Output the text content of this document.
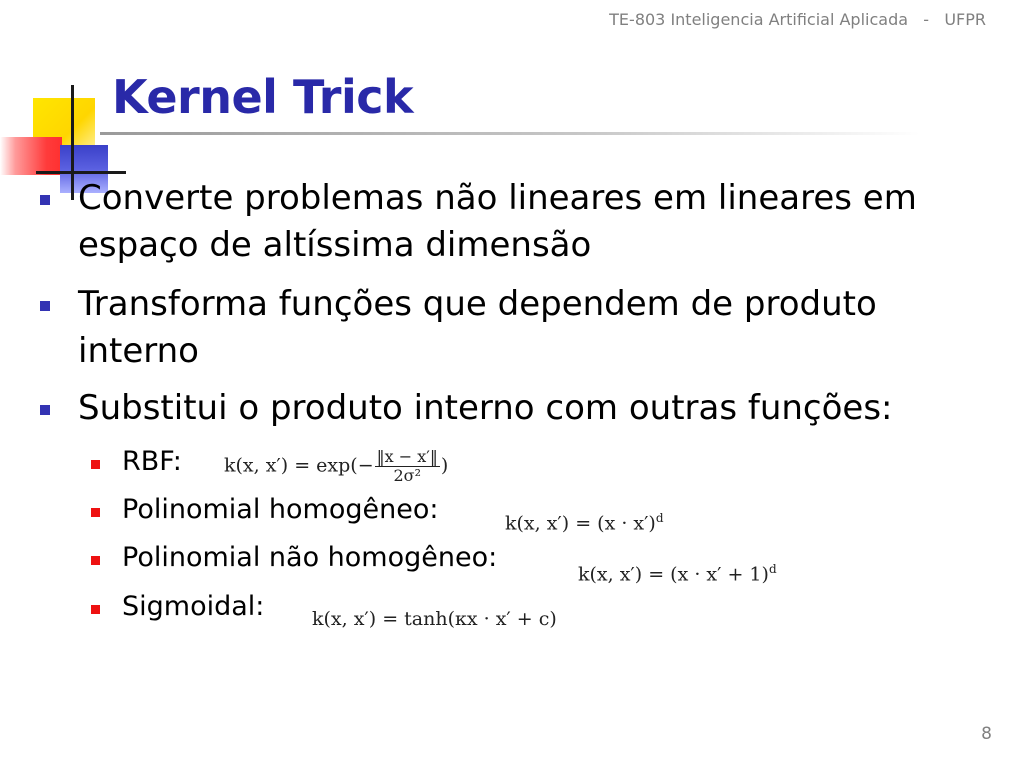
TE-803 Inteligencia Artificial Aplicada   -   UFPR
Kernel Trick
Converte problemas não lineares em lineares em espaço de altíssima dimensão
Transforma funções que dependem de produto interno
Substitui o produto interno com outras funções:
RBF: k(x, $x') = \exp(- \frac{‖x - x'‖}{\text{2σ²}}$ )
Polinomial homogêneo:	k(x, $x') = (x \cdot x')^d$
Polinomial não homogêneo:
k(x, $x') = (x \cdot x' + 1)^d$
Sigmoidal:	k(x, x′) = tanh(κx · x′ + c)
8
